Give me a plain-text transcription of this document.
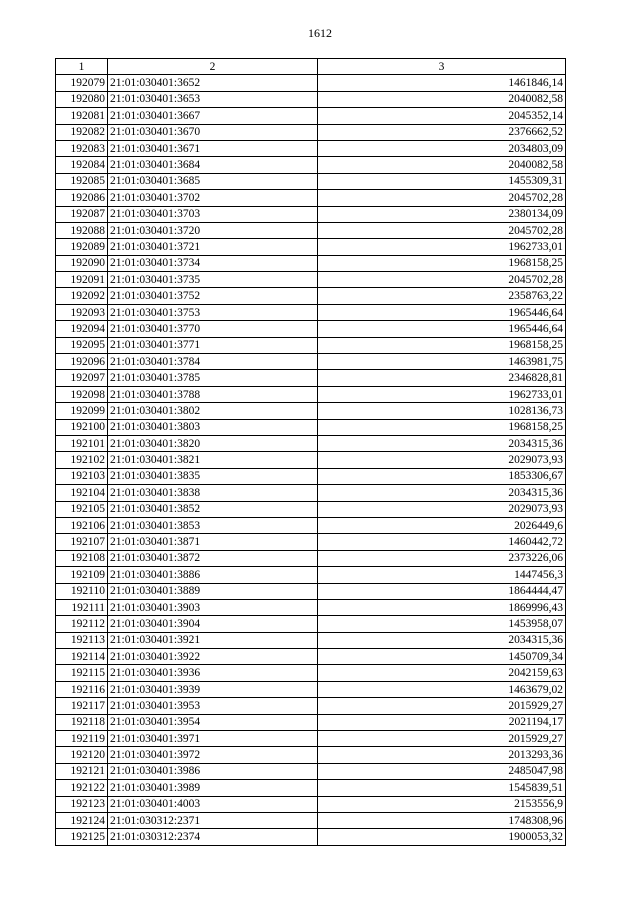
1612
1	2	3
192079	21:01:030401:3652	1461846,14
192080	21:01:030401:3653	2040082,58
192081	21:01:030401:3667	2045352,14
192082	21:01:030401:3670	2376662,52
192083	21:01:030401:3671	2034803,09
192084	21:01:030401:3684	2040082,58
192085	21:01:030401:3685	1455309,31
192086	21:01:030401:3702	2045702,28
192087	21:01:030401:3703	2380134,09
192088	21:01:030401:3720	2045702,28
192089	21:01:030401:3721	1962733,01
192090	21:01:030401:3734	1968158,25
192091	21:01:030401:3735	2045702,28
192092	21:01:030401:3752	2358763,22
192093	21:01:030401:3753	1965446,64
192094	21:01:030401:3770	1965446,64
192095	21:01:030401:3771	1968158,25
192096	21:01:030401:3784	1463981,75
192097	21:01:030401:3785	2346828,81
192098	21:01:030401:3788	1962733,01
192099	21:01:030401:3802	1028136,73
192100	21:01:030401:3803	1968158,25
192101	21:01:030401:3820	2034315,36
192102	21:01:030401:3821	2029073,93
192103	21:01:030401:3835	1853306,67
192104	21:01:030401:3838	2034315,36
192105	21:01:030401:3852	2029073,93
192106	21:01:030401:3853	2026449,6
192107	21:01:030401:3871	1460442,72
192108	21:01:030401:3872	2373226,06
192109	21:01:030401:3886	1447456,3
192110	21:01:030401:3889	1864444,47
192111	21:01:030401:3903	1869996,43
192112	21:01:030401:3904	1453958,07
192113	21:01:030401:3921	2034315,36
192114	21:01:030401:3922	1450709,34
192115	21:01:030401:3936	2042159,63
192116	21:01:030401:3939	1463679,02
192117	21:01:030401:3953	2015929,27
192118	21:01:030401:3954	2021194,17
192119	21:01:030401:3971	2015929,27
192120	21:01:030401:3972	2013293,36
192121	21:01:030401:3986	2485047,98
192122	21:01:030401:3989	1545839,51
192123	21:01:030401:4003	2153556,9
192124	21:01:030312:2371	1748308,96
192125	21:01:030312:2374	1900053,32
